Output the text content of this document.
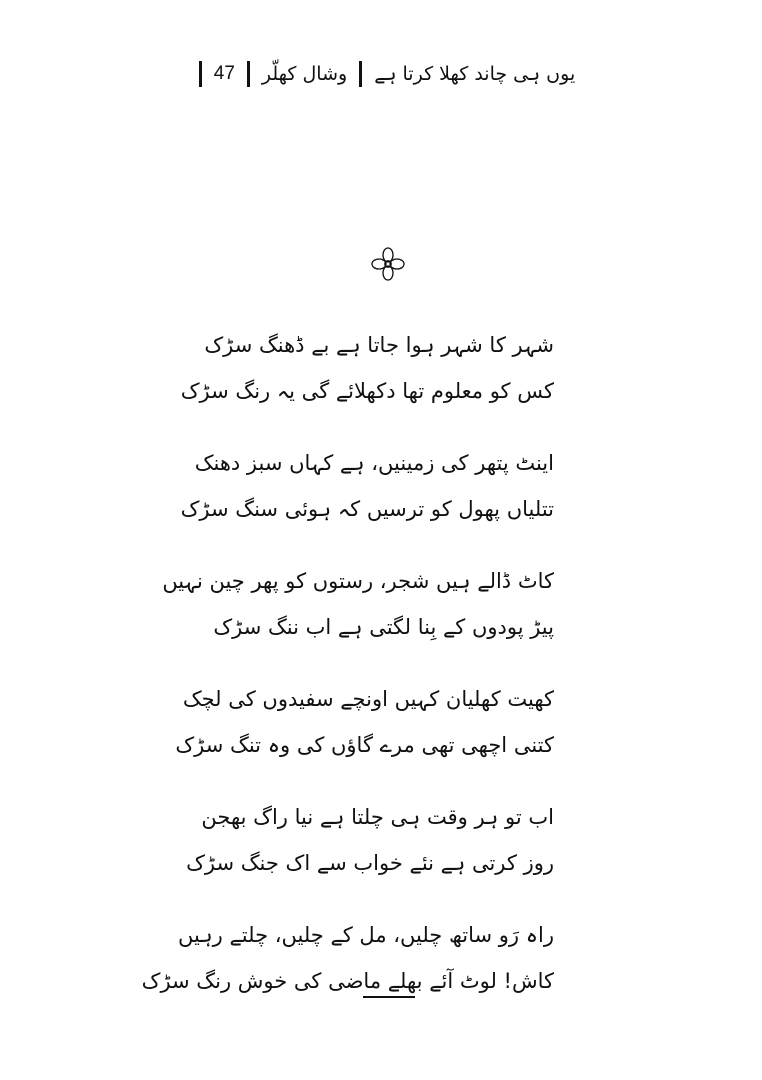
47 وشال کھلّر یوں ہی چاند کھلا کرتا ہے
شہر کا شہر ہوا جاتا ہے بے ڈھنگ سڑک
کس کو معلوم تھا دکھلائے گی یہ رنگ سڑک
اینٹ پتھر کی زمینیں، ہے کہاں سبز دھنک
تتلیاں پھول کو ترسیں کہ ہوئی سنگ سڑک
کاٹ ڈالے ہیں شجر، رستوں کو پھر چین نہیں
پیڑ پودوں کے بِنا لگتی ہے اب ننگ سڑک
کھیت کھلیان کہیں اونچے سفیدوں کی لچک
کتنی اچھی تھی مرے گاؤں کی وہ تنگ سڑک
اب تو ہر وقت ہی چلتا ہے نیا راگ بھجن
روز کرتی ہے نئے خواب سے اک جنگ سڑک
راہ رَو ساتھ چلیں، مل کے چلیں، چلتے رہیں
کاش! لوٹ آئے بھلے ماضی کی خوش رنگ سڑک
